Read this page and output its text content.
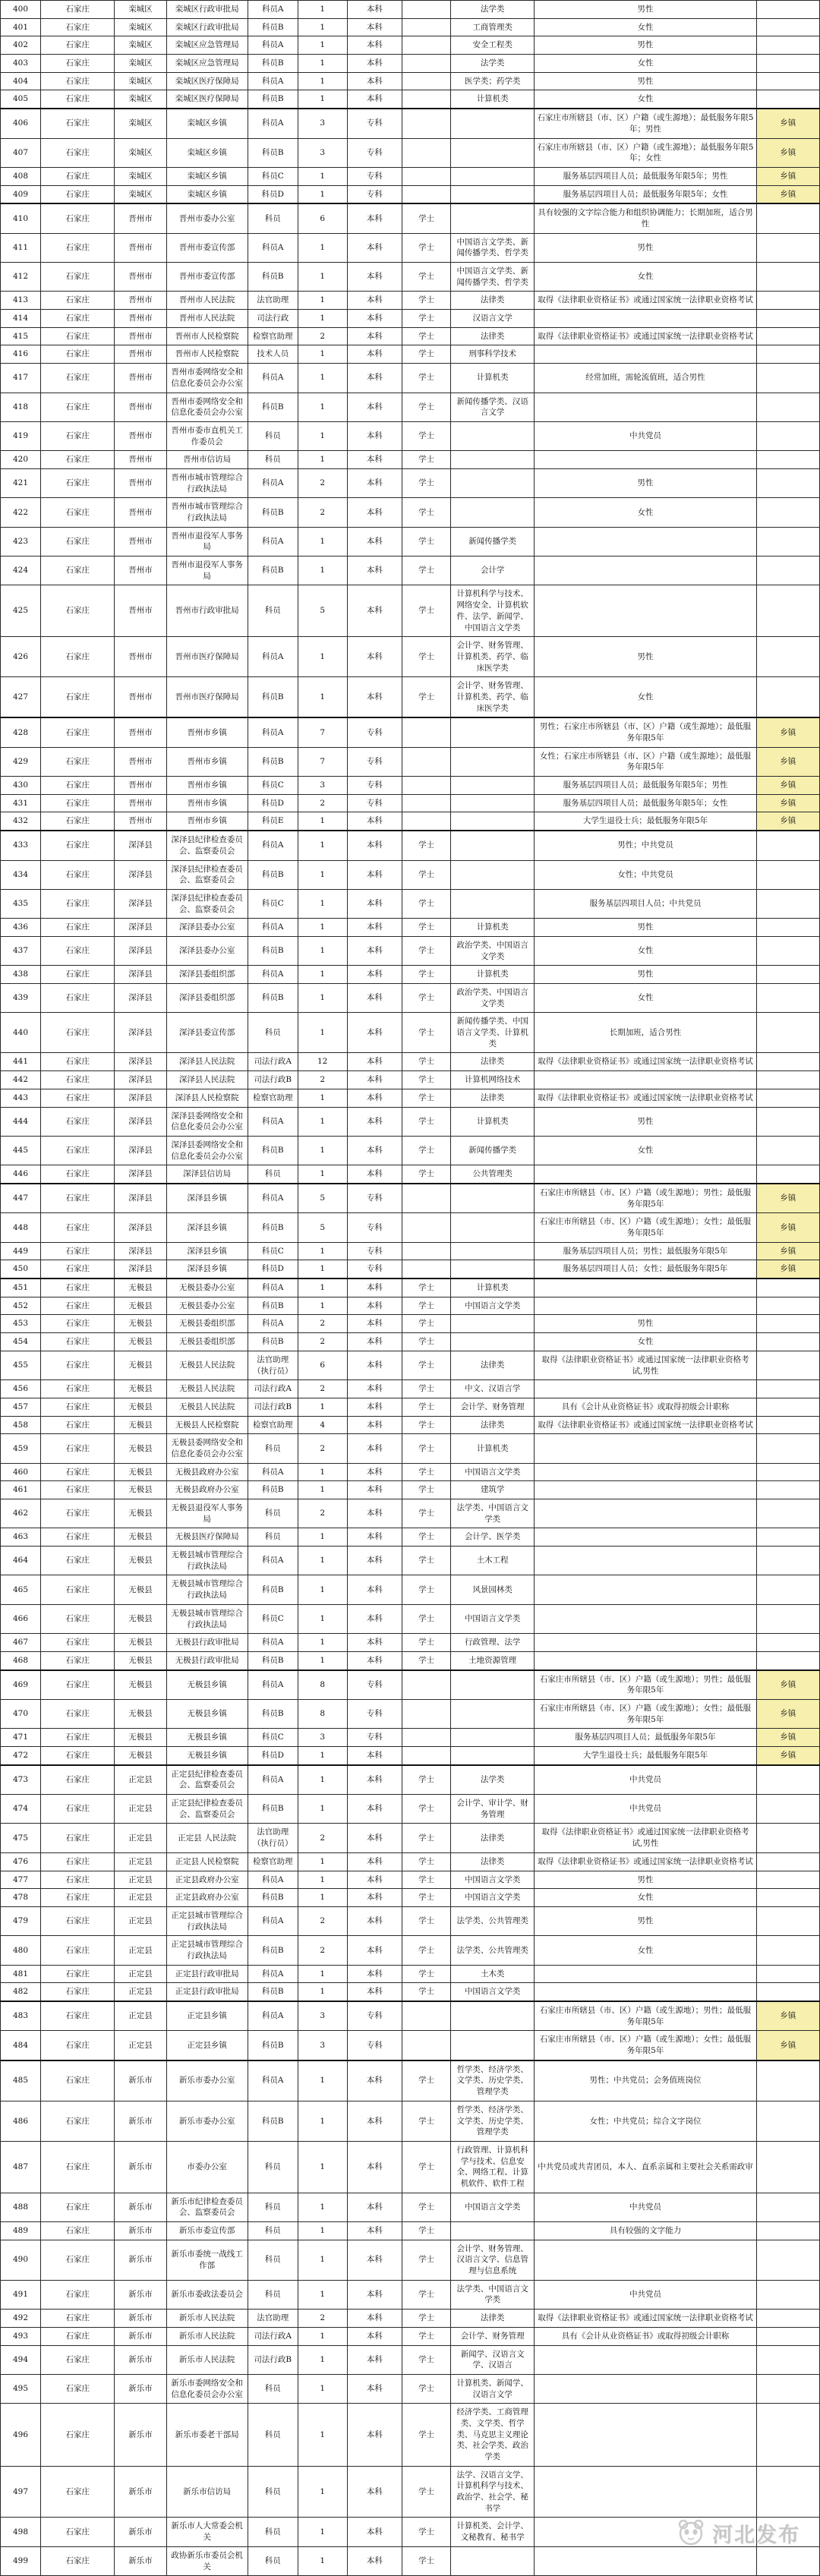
400	石家庄	栾城区	栾城区行政审批局	科员A	1	本科		法学类	男性	
401	石家庄	栾城区	栾城区行政审批局	科员B	1	本科		工商管理类	女性	
402	石家庄	栾城区	栾城区应急管理局	科员A	1	本科		安全工程类	男性	
403	石家庄	栾城区	栾城区应急管理局	科员B	1	本科		法学类	女性	
404	石家庄	栾城区	栾城区医疗保障局	科员A	1	本科		医学类；药学类	男性	
405	石家庄	栾城区	栾城区医疗保障局	科员B	1	本科		计算机类	女性	
406	石家庄	栾城区	栾城区乡镇	科员A	3	专科			石家庄市所辖县（市、区）户籍（或生源地）；最低服务年限5年；男性	乡镇
407	石家庄	栾城区	栾城区乡镇	科员B	3	专科			石家庄市所辖县（市、区）户籍（或生源地）；最低服务年限5年；女性	乡镇
408	石家庄	栾城区	栾城区乡镇	科员C	1	专科			服务基层四项目人员；最低服务年限5年；男性	乡镇
409	石家庄	栾城区	栾城区乡镇	科员D	1	专科			服务基层四项目人员；最低服务年限5年；女性	乡镇
410	石家庄	晋州市	晋州市委办公室	科员	6	本科	学士		具有较强的文字综合能力和组织协调能力；长期加班，适合男性	
411	石家庄	晋州市	晋州市委宣传部	科员A	1	本科	学士	中国语言文学类、新闻传播学类、哲学类	男性	
412	石家庄	晋州市	晋州市委宣传部	科员B	1	本科	学士	中国语言文学类、新闻传播学类、哲学类	女性	
413	石家庄	晋州市	晋州市人民法院	法官助理	1	本科	学士	法律类	取得《法律职业资格证书》或通过国家统一法律职业资格考试	
414	石家庄	晋州市	晋州市人民法院	司法行政	1	本科	学士	汉语言文学		
415	石家庄	晋州市	晋州市人民检察院	检察官助理	2	本科	学士	法律类	取得《法律职业资格证书》或通过国家统一法律职业资格考试	
416	石家庄	晋州市	晋州市人民检察院	技术人员	1	本科	学士	刑事科学技术		
417	石家庄	晋州市	晋州市委网络安全和信息化委员会办公室	科员A	1	本科	学士	计算机类	经常加班，需轮流值班，适合男性	
418	石家庄	晋州市	晋州市委网络安全和信息化委员会办公室	科员B	1	本科	学士	新闻传播学类、汉语言文学		
419	石家庄	晋州市	晋州市委市直机关工作委员会	科员	1	本科	学士		中共党员	
420	石家庄	晋州市	晋州市信访局	科员	1	本科	学士			
421	石家庄	晋州市	晋州市城市管理综合行政执法局	科员A	2	本科	学士		男性	
422	石家庄	晋州市	晋州市城市管理综合行政执法局	科员B	2	本科	学士		女性	
423	石家庄	晋州市	晋州市退役军人事务局	科员A	1	本科	学士	新闻传播学类		
424	石家庄	晋州市	晋州市退役军人事务局	科员B	1	本科	学士	会计学		
425	石家庄	晋州市	晋州市行政审批局	科员	5	本科	学士	计算机科学与技术、网络安全、计算机软件、法学、新闻学、中国语言文学类		
426	石家庄	晋州市	晋州市医疗保障局	科员A	1	本科	学士	会计学、财务管理、计算机类、药学、临床医学类	男性	
427	石家庄	晋州市	晋州市医疗保障局	科员B	1	本科	学士	会计学、财务管理、计算机类、药学、临床医学类	女性	
428	石家庄	晋州市	晋州市乡镇	科员A	7	专科			男性；石家庄市所辖县（市、区）户籍（或生源地）；最低服务年限5年	乡镇
429	石家庄	晋州市	晋州市乡镇	科员B	7	专科			女性；石家庄市所辖县（市、区）户籍（或生源地）；最低服务年限5年	乡镇
430	石家庄	晋州市	晋州市乡镇	科员C	3	专科			服务基层四项目人员；最低服务年限5年；男性	乡镇
431	石家庄	晋州市	晋州市乡镇	科员D	2	专科			服务基层四项目人员；最低服务年限5年；女性	乡镇
432	石家庄	晋州市	晋州市乡镇	科员E	1	本科			大学生退役士兵；最低服务年限5年	乡镇
433	石家庄	深泽县	深泽县纪律检查委员会、监察委员会	科员A	1	本科	学士		男性；中共党员	
434	石家庄	深泽县	深泽县纪律检查委员会、监察委员会	科员B	1	本科	学士		女性；中共党员	
435	石家庄	深泽县	深泽县纪律检查委员会、监察委员会	科员C	1	本科	学士		服务基层四项目人员；中共党员	
436	石家庄	深泽县	深泽县委办公室	科员A	1	本科	学士	计算机类	男性	
437	石家庄	深泽县	深泽县委办公室	科员B	1	本科	学士	政治学类、中国语言文学类	女性	
438	石家庄	深泽县	深泽县委组织部	科员A	1	本科	学士	计算机类	男性	
439	石家庄	深泽县	深泽县委组织部	科员B	1	本科	学士	政治学类、中国语言文学类	女性	
440	石家庄	深泽县	深泽县委宣传部	科员	1	本科	学士	新闻传播学类、中国语言文学类、计算机类	长期加班，适合男性	
441	石家庄	深泽县	深泽县人民法院	司法行政A	12	本科	学士	法律类	取得《法律职业资格证书》或通过国家统一法律职业资格考试	
442	石家庄	深泽县	深泽县人民法院	司法行政B	2	本科	学士	计算机网络技术		
443	石家庄	深泽县	深泽县人民检察院	检察官助理	1	本科	学士	法律类	取得《法律职业资格证书》或通过国家统一法律职业资格考试	
444	石家庄	深泽县	深泽县委网络安全和信息化委员会办公室	科员A	1	本科	学士	计算机类	男性	
445	石家庄	深泽县	深泽县委网络安全和信息化委员会办公室	科员B	1	本科	学士	新闻传播学类	女性	
446	石家庄	深泽县	深泽县信访局	科员	1	本科	学士	公共管理类		
447	石家庄	深泽县	深泽县乡镇	科员A	5	专科			石家庄市所辖县（市、区）户籍（或生源地）；男性；最低服务年限5年	乡镇
448	石家庄	深泽县	深泽县乡镇	科员B	5	专科			石家庄市所辖县（市、区）户籍（或生源地）；女性；最低服务年限5年	乡镇
449	石家庄	深泽县	深泽县乡镇	科员C	1	专科			服务基层四项目人员；男性；最低服务年限5年	乡镇
450	石家庄	深泽县	深泽县乡镇	科员D	1	专科			服务基层四项目人员；女性；最低服务年限5年	乡镇
451	石家庄	无极县	无极县委办公室	科员A	1	本科	学士	计算机类		
452	石家庄	无极县	无极县委办公室	科员B	1	本科	学士	中国语言文学类		
453	石家庄	无极县	无极县委组织部	科员A	2	本科	学士		男性	
454	石家庄	无极县	无极县委组织部	科员B	2	本科	学士		女性	
455	石家庄	无极县	无极县人民法院	法官助理（执行员）	6	本科	学士	法律类	取得《法律职业资格证书》或通过国家统一法律职业资格考试,男性	
456	石家庄	无极县	无极县人民法院	司法行政A	2	本科	学士	中文、汉语言学		
457	石家庄	无极县	无极县人民法院	司法行政B	1	本科	学士	会计学、财务管理	具有《会计从业资格证书》或取得初级会计职称	
458	石家庄	无极县	无极县人民检察院	检察官助理	4	本科	学士	法律类	取得《法律职业资格证书》或通过国家统一法律职业资格考试	
459	石家庄	无极县	无极县委网络安全和信息化委员会办公室	科员	2	本科	学士	计算机类		
460	石家庄	无极县	无极县政府办公室	科员A	1	本科	学士	中国语言文学类		
461	石家庄	无极县	无极县政府办公室	科员B	1	本科	学士	建筑学		
462	石家庄	无极县	无极县退役军人事务局	科员	2	本科	学士	法学类、中国语言文学类		
463	石家庄	无极县	无极县医疗保障局	科员	1	本科	学士	会计学、医学类		
464	石家庄	无极县	无极县城市管理综合行政执法局	科员A	1	本科	学士	土木工程		
465	石家庄	无极县	无极县城市管理综合行政执法局	科员B	1	本科	学士	风景园林类		
466	石家庄	无极县	无极县城市管理综合行政执法局	科员C	1	本科	学士	中国语言文学类		
467	石家庄	无极县	无极县行政审批局	科员A	1	本科	学士	行政管理、法学		
468	石家庄	无极县	无极县行政审批局	科员B	1	本科	学士	土地资源管理		
469	石家庄	无极县	无极县乡镇	科员A	8	专科			石家庄市所辖县（市、区）户籍（或生源地）；男性；最低服务年限5年	乡镇
470	石家庄	无极县	无极县乡镇	科员B	8	专科			石家庄市所辖县（市、区）户籍（或生源地）；女性；最低服务年限5年	乡镇
471	石家庄	无极县	无极县乡镇	科员C	3	专科			服务基层四项目人员；最低服务年限5年	乡镇
472	石家庄	无极县	无极县乡镇	科员D	1	本科			大学生退役士兵；最低服务年限5年	乡镇
473	石家庄	正定县	正定县纪律检查委员会、监察委员会	科员A	1	本科	学士	法学类	中共党员	
474	石家庄	正定县	正定县纪律检查委员会、监察委员会	科员B	1	本科	学士	会计学、审计学、财务管理	中共党员	
475	石家庄	正定县	正定县 人民法院	法官助理（执行员）	2	本科	学士	法律类	取得《法律职业资格证书》或通过国家统一法律职业资格考试,男性	
476	石家庄	正定县	正定县人民检察院	检察官助理	1	本科	学士	法律类	取得《法律职业资格证书》或通过国家统一法律职业资格考试	
477	石家庄	正定县	正定县政府办公室	科员A	1	本科	学士	中国语言文学类	男性	
478	石家庄	正定县	正定县政府办公室	科员B	1	本科	学士	中国语言文学类	女性	
479	石家庄	正定县	正定县城市管理综合行政执法局	科员A	2	本科	学士	法学类、公共管理类	男性	
480	石家庄	正定县	正定县城市管理综合行政执法局	科员B	2	本科	学士	法学类、公共管理类	女性	
481	石家庄	正定县	正定县行政审批局	科员A	1	本科	学士	土木类		
482	石家庄	正定县	正定县行政审批局	科员B	1	本科	学士	中国语言文学类		
483	石家庄	正定县	正定县乡镇	科员A	3	专科			石家庄市所辖县（市、区）户籍（或生源地）；男性；最低服务年限5年	乡镇
484	石家庄	正定县	正定县乡镇	科员B	3	专科			石家庄市所辖县（市、区）户籍（或生源地）；女性；最低服务年限5年	乡镇
485	石家庄	新乐市	新乐市委办公室	科员A	1	本科	学士	哲学类、经济学类、文学类、历史学类、管理学类	男性；中共党员；会务值班岗位	
486	石家庄	新乐市	新乐市委办公室	科员B	1	本科	学士	哲学类、经济学类、文学类、历史学类、管理学类	女性；中共党员；综合文字岗位	
487	石家庄	新乐市	市委办公室	科员	1	本科	学士	行政管理、计算机科学与技术、信息安全、网络工程、计算机软件、软件工程	中共党员或共青团员，本人、直系亲属和主要社会关系需政审	
488	石家庄	新乐市	新乐市纪律检查委员会、监察委员会	科员	1	本科	学士	中国语言文学类	中共党员	
489	石家庄	新乐市	新乐市委宣传部	科员	1	本科	学士		具有较强的文字能力	
490	石家庄	新乐市	新乐市委统一战线工作部	科员	1	本科	学士	会计学、财务管理、汉语言文学、信息管理与信息系统		
491	石家庄	新乐市	新乐市委政法委员会	科员	1	本科	学士	法学类、中国语言文学类	中共党员	
492	石家庄	新乐市	新乐市人民法院	法官助理	2	本科	学士	法律类	取得《法律职业资格证书》或通过国家统一法律职业资格考试	
493	石家庄	新乐市	新乐市人民法院	司法行政A	1	本科	学士	会计学、财务管理	具有《会计从业资格证书》或取得初级会计职称	
494	石家庄	新乐市	新乐市人民法院	司法行政B	1	本科	学士	新闻学、汉语言文学、汉语言		
495	石家庄	新乐市	新乐市委网络安全和信息化委员会办公室	科员	1	本科	学士	计算机类、新闻学、汉语言文学		
496	石家庄	新乐市	新乐市委老干部局	科员	1	本科	学士	经济学类、工商管理类、文学类、哲学类、马克思主义理论类、社会学类、政治学类		
497	石家庄	新乐市	新乐市信访局	科员	1	本科	学士	法学、汉语言文学、计算机科学与技术、政治学、社会学、秘书学		
498	石家庄	新乐市	新乐市人大常委会机关	科员	1	本科	学士	计算机类、会计学、文秘教育、秘书学		
499	石家庄	新乐市	政协新乐市委员会机关	科员	1	本科	学士			
河北发布
